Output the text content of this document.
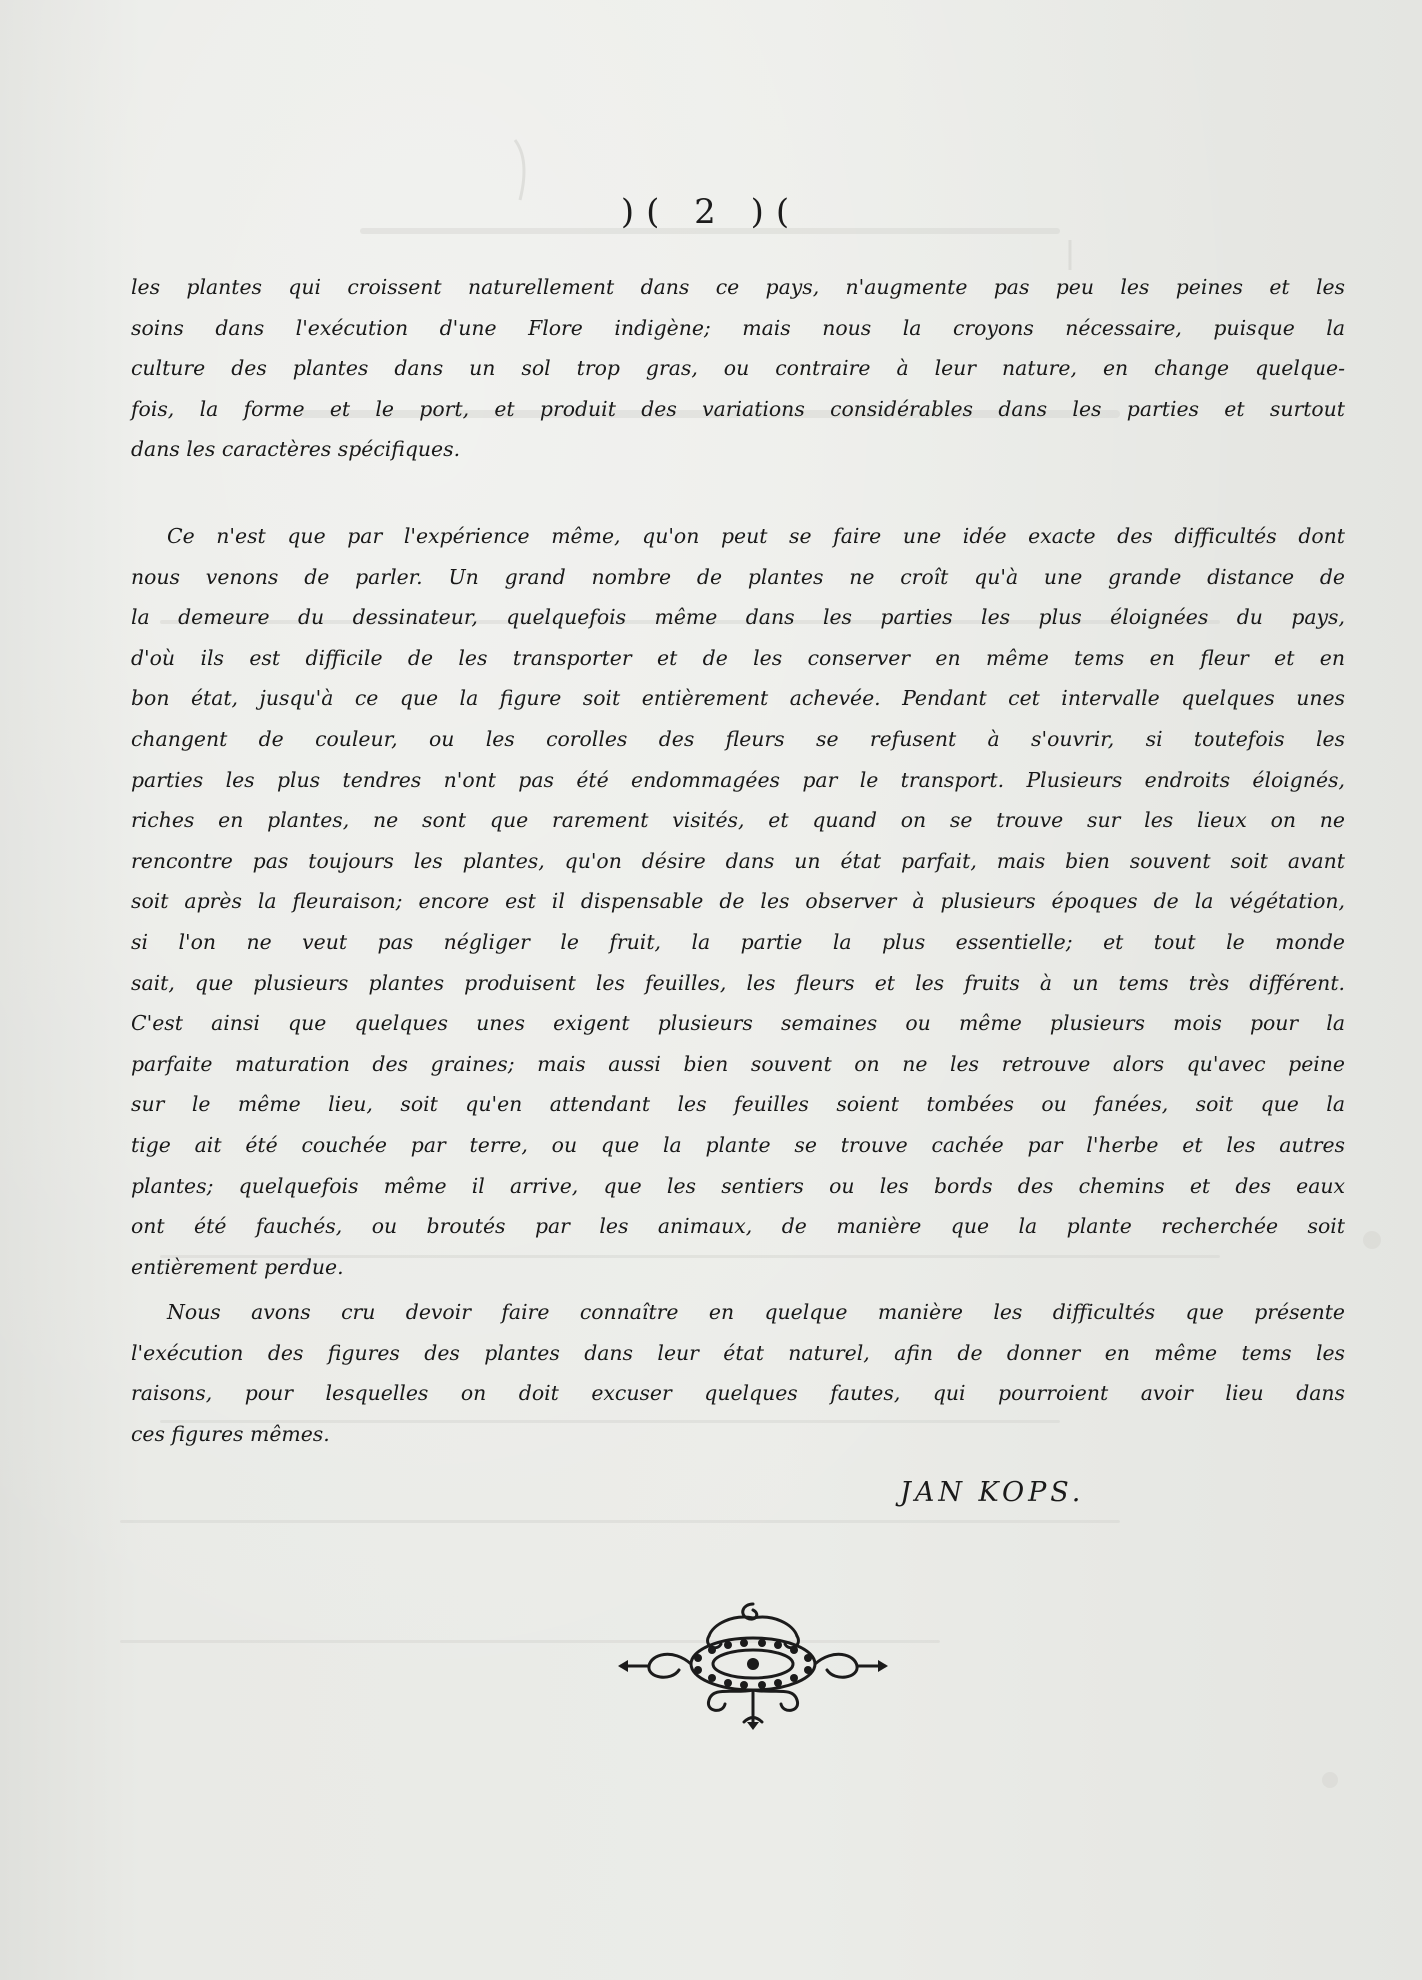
)( 2 )(
les plantes qui croissent naturellement dans ce pays, n'augmente pas peu les peines et les
soins dans l'exécution d'une Flore indigène; mais nous la croyons nécessaire, puisque la
culture des plantes dans un sol trop gras, ou contraire à leur nature, en change quelque-
fois, la forme et le port, et produit des variations considérables dans les parties et surtout
dans les caractères spécifiques.
Ce n'est que par l'expérience même, qu'on peut se faire une idée exacte des difficultés dont
nous venons de parler. Un grand nombre de plantes ne croît qu'à une grande distance de
la demeure du dessinateur, quelquefois même dans les parties les plus éloignées du pays,
d'où ils est difficile de les transporter et de les conserver en même tems en fleur et en
bon état, jusqu'à ce que la figure soit entièrement achevée. Pendant cet intervalle quelques unes
changent de couleur, ou les corolles des fleurs se refusent à s'ouvrir, si toutefois les
parties les plus tendres n'ont pas été endommagées par le transport. Plusieurs endroits éloignés,
riches en plantes, ne sont que rarement visités, et quand on se trouve sur les lieux on ne
rencontre pas toujours les plantes, qu'on désire dans un état parfait, mais bien souvent soit avant
soit après la fleuraison; encore est il dispensable de les observer à plusieurs époques de la végétation,
si l'on ne veut pas négliger le fruit, la partie la plus essentielle; et tout le monde
sait, que plusieurs plantes produisent les feuilles, les fleurs et les fruits à un tems très différent.
C'est ainsi que quelques unes exigent plusieurs semaines ou même plusieurs mois pour la
parfaite maturation des graines; mais aussi bien souvent on ne les retrouve alors qu'avec peine
sur le même lieu, soit qu'en attendant les feuilles soient tombées ou fanées, soit que la
tige ait été couchée par terre, ou que la plante se trouve cachée par l'herbe et les autres
plantes; quelquefois même il arrive, que les sentiers ou les bords des chemins et des eaux
ont été fauchés, ou broutés par les animaux, de manière que la plante recherchée soit
entièrement perdue.
Nous avons cru devoir faire connaître en quelque manière les difficultés que présente
l'exécution des figures des plantes dans leur état naturel, afin de donner en même tems les
raisons, pour lesquelles on doit excuser quelques fautes, qui pourroient avoir lieu dans
ces figures mêmes.
JAN KOPS.
